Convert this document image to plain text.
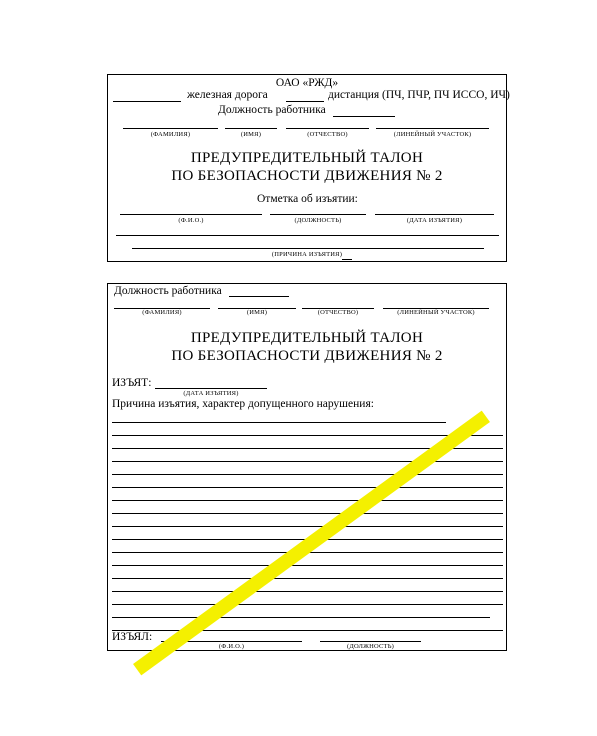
ОАО «РЖД»
железная дорога	дистанция (ПЧ, ПЧР, ПЧ ИССО, ИЧ)
Должность работника
(ФАМИЛИЯ)	(ИМЯ)	(ОТЧЕСТВО)	(ЛИНЕЙНЫЙ УЧАСТОК)
ПРЕДУПРЕДИТЕЛЬНЫЙ ТАЛОН
ПО БЕЗОПАСНОСТИ ДВИЖЕНИЯ № 2
Отметка об изъятии:
(Ф.И.О.)	(ДОЛЖНОСТЬ)	(ДАТА ИЗЪЯТИЯ)
(ПРИЧИНА ИЗЪЯТИЯ)
Должность работника
(ФАМИЛИЯ)	(ИМЯ)	(ОТЧЕСТВО)	(ЛИНЕЙНЫЙ УЧАСТОК)
ПРЕДУПРЕДИТЕЛЬНЫЙ ТАЛОН
ПО БЕЗОПАСНОСТИ ДВИЖЕНИЯ № 2
ИЗЪЯТ:
(ДАТА ИЗЪЯТИЯ)
Причина изъятия, характер допущенного нарушения:
ИЗЪЯЛ:
(Ф.И.О.)	(ДОЛЖНОСТЬ)
